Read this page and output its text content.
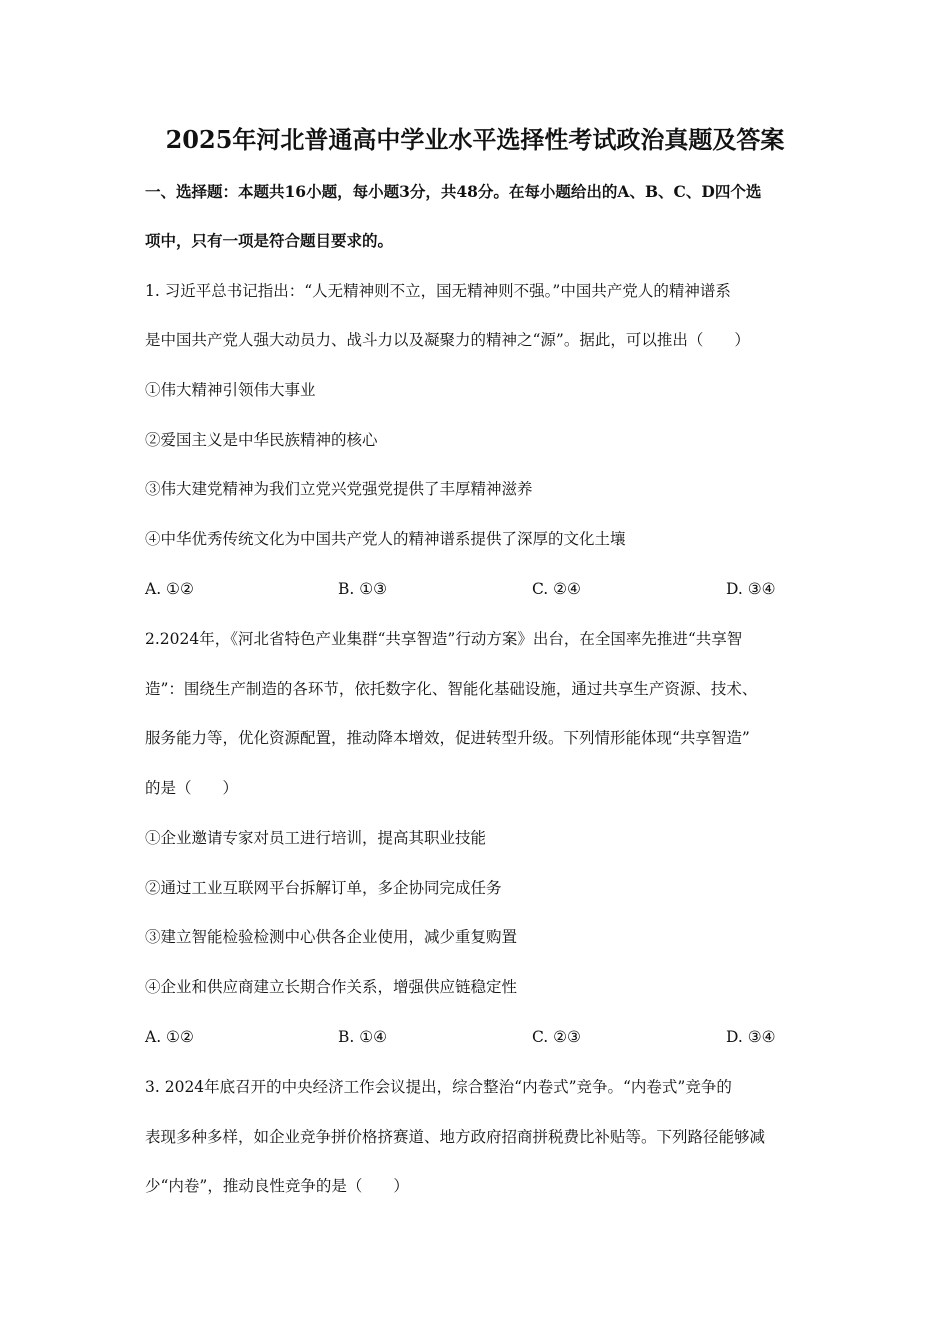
2025年河北普通高中学业水平选择性考试政治真题及答案
一、选择题：本题共16小题，每小题3分，共48分。在每小题给出的A、B、C、D四个选
项中，只有一项是符合题目要求的。
1. 习近平总书记指出：“人无精神则不立，国无精神则不强。”中国共产党人的精神谱系
是中国共产党人强大动员力、战斗力以及凝聚力的精神之“源”。据此，可以推出（　　）
①伟大精神引领伟大事业
②爱国主义是中华民族精神的核心
③伟大建党精神为我们立党兴党强党提供了丰厚精神滋养
④中华优秀传统文化为中国共产党人的精神谱系提供了深厚的文化土壤
A. ①②	B. ①③	C. ②④	D. ③④
2.2024年，《河北省特色产业集群“共享智造”行动方案》出台，在全国率先推进“共享智
造”：围绕生产制造的各环节，依托数字化、智能化基础设施，通过共享生产资源、技术、
服务能力等，优化资源配置，推动降本增效，促进转型升级。下列情形能体现“共享智造”
的是（　　）
①企业邀请专家对员工进行培训，提高其职业技能
②通过工业互联网平台拆解订单，多企协同完成任务
③建立智能检验检测中心供各企业使用，减少重复购置
④企业和供应商建立长期合作关系，增强供应链稳定性
A. ①②	B. ①④	C. ②③	D. ③④
3. 2024年底召开的中央经济工作会议提出，综合整治“内卷式”竞争。“内卷式”竞争的
表现多种多样，如企业竞争拼价格挤赛道、地方政府招商拼税费比补贴等。下列路径能够减
少“内卷”，推动良性竞争的是（　　）
